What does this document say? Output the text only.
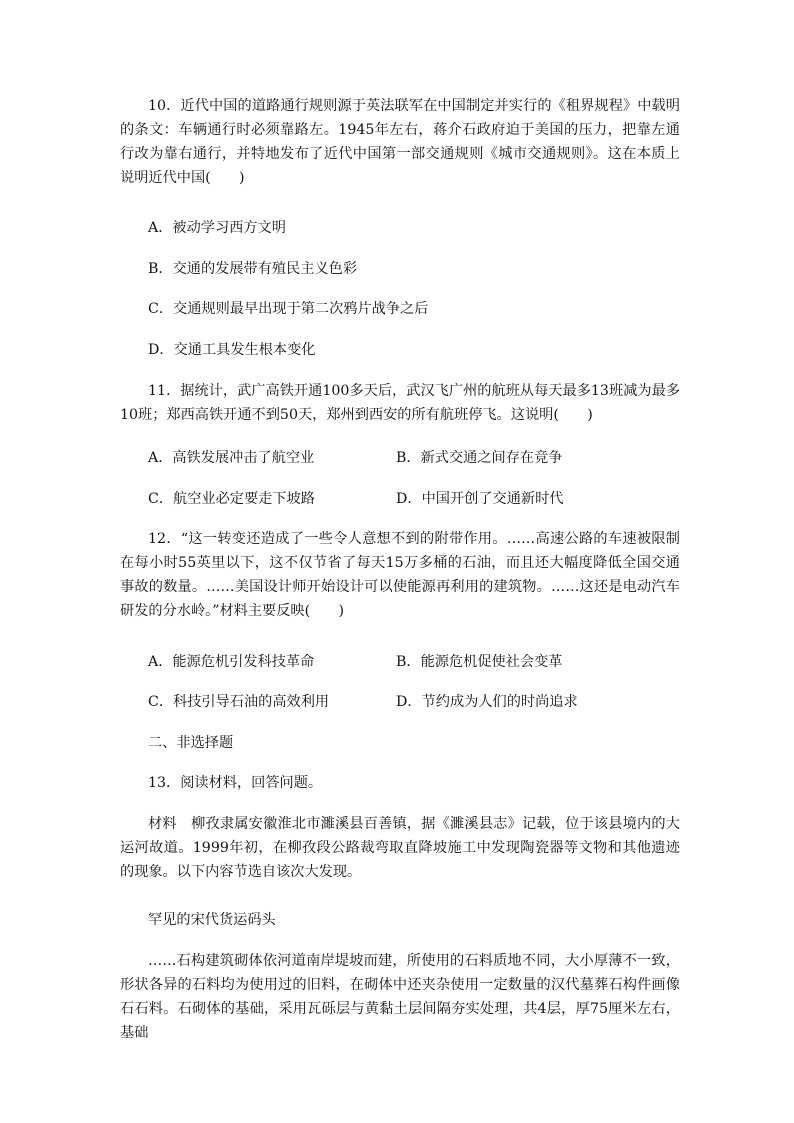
10．近代中国的道路通行规则源于英法联军在中国制定并实行的《租界规程》中载明的条文：车辆通行时必须靠路左。1945年左右，蒋介石政府迫于美国的压力，把靠左通行改为靠右通行，并特地发布了近代中国第一部交通规则《城市交通规则》。这在本质上说明近代中国(　　)
A．被动学习西方文明
B．交通的发展带有殖民主义色彩
C．交通规则最早出现于第二次鸦片战争之后
D．交通工具发生根本变化
11．据统计，武广高铁开通100多天后，武汉飞广州的航班从每天最多13班减为最多10班；郑西高铁开通不到50天，郑州到西安的所有航班停飞。这说明(　　)
A．高铁发展冲击了航空业	B．新式交通之间存在竞争
C．航空业必定要走下坡路	D．中国开创了交通新时代
12．“这一转变还造成了一些令人意想不到的附带作用。……高速公路的车速被限制在每小时55英里以下，这不仅节省了每天15万多桶的石油，而且还大幅度降低全国交通事故的数量。……美国设计师开始设计可以使能源再利用的建筑物。……这还是电动汽车研发的分水岭。”材料主要反映(　　)
A．能源危机引发科技革命	B．能源危机促使社会变革
C．科技引导石油的高效利用	D．节约成为人们的时尚追求
二、非选择题
13．阅读材料，回答问题。
材料　柳孜隶属安徽淮北市濉溪县百善镇，据《濉溪县志》记载，位于该县境内的大运河故道。1999年初，在柳孜段公路裁弯取直降坡施工中发现陶瓷器等文物和其他遗迹的现象。以下内容节选自该次大发现。
罕见的宋代货运码头
……石构建筑砌体依河道南岸堤坡而建，所使用的石料质地不同，大小厚薄不一致，形状各异的石料均为使用过的旧料，在砌体中还夹杂使用一定数量的汉代墓葬石构件画像石石料。石砌体的基础，采用瓦砾层与黄黏土层间隔夯实处理，共4层，厚75厘米左右，基础
